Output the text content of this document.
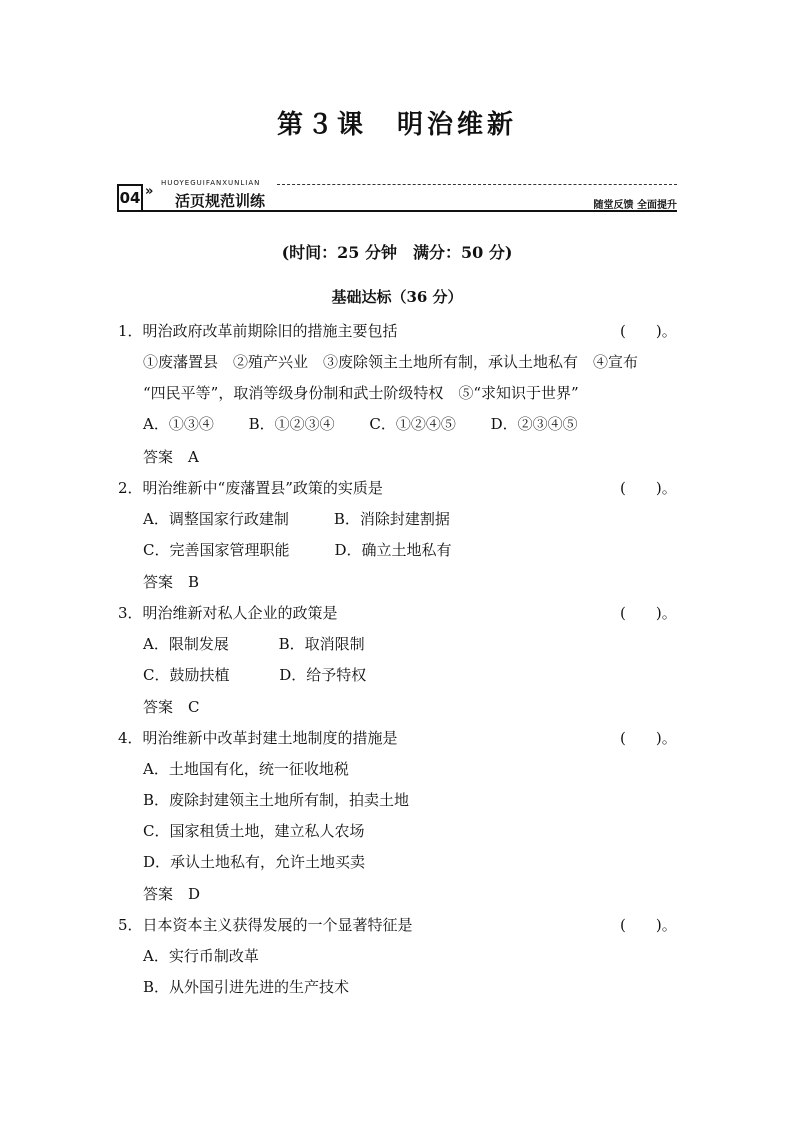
第３课　明治维新
04 »
HUOYEGUIFANXUNLIAN
活页规范训练	随堂反馈 全面提升
(时间：25 分钟　满分：50 分)
基础达标（36 分）
1．明治政府改革前期除旧的措施主要包括	(　　)。
①废藩置县　②殖产兴业　③废除领主土地所有制，承认土地私有　④宣布
“四民平等”，取消等级身份制和武士阶级特权　⑤“求知识于世界”
A．①③④　　 B．①②③④　　 C．①②④⑤　　 D．②③④⑤
答案　A
2．明治维新中“废藩置县”政策的实质是	(　　)。
A．调整国家行政建制　　　B．消除封建割据
C．完善国家管理职能　　　D．确立土地私有
答案　B
3．明治维新对私人企业的政策是	(　　)。
A．限制发展　　　 B．取消限制
C．鼓励扶植　　　 D．给予特权
答案　C
4．明治维新中改革封建土地制度的措施是	(　　)。
A．土地国有化，统一征收地税
B．废除封建领主土地所有制，拍卖土地
C．国家租赁土地，建立私人农场
D．承认土地私有，允许土地买卖
答案　D
5．日本资本主义获得发展的一个显著特征是	(　　)。
A．实行币制改革
B．从外国引进先进的生产技术
